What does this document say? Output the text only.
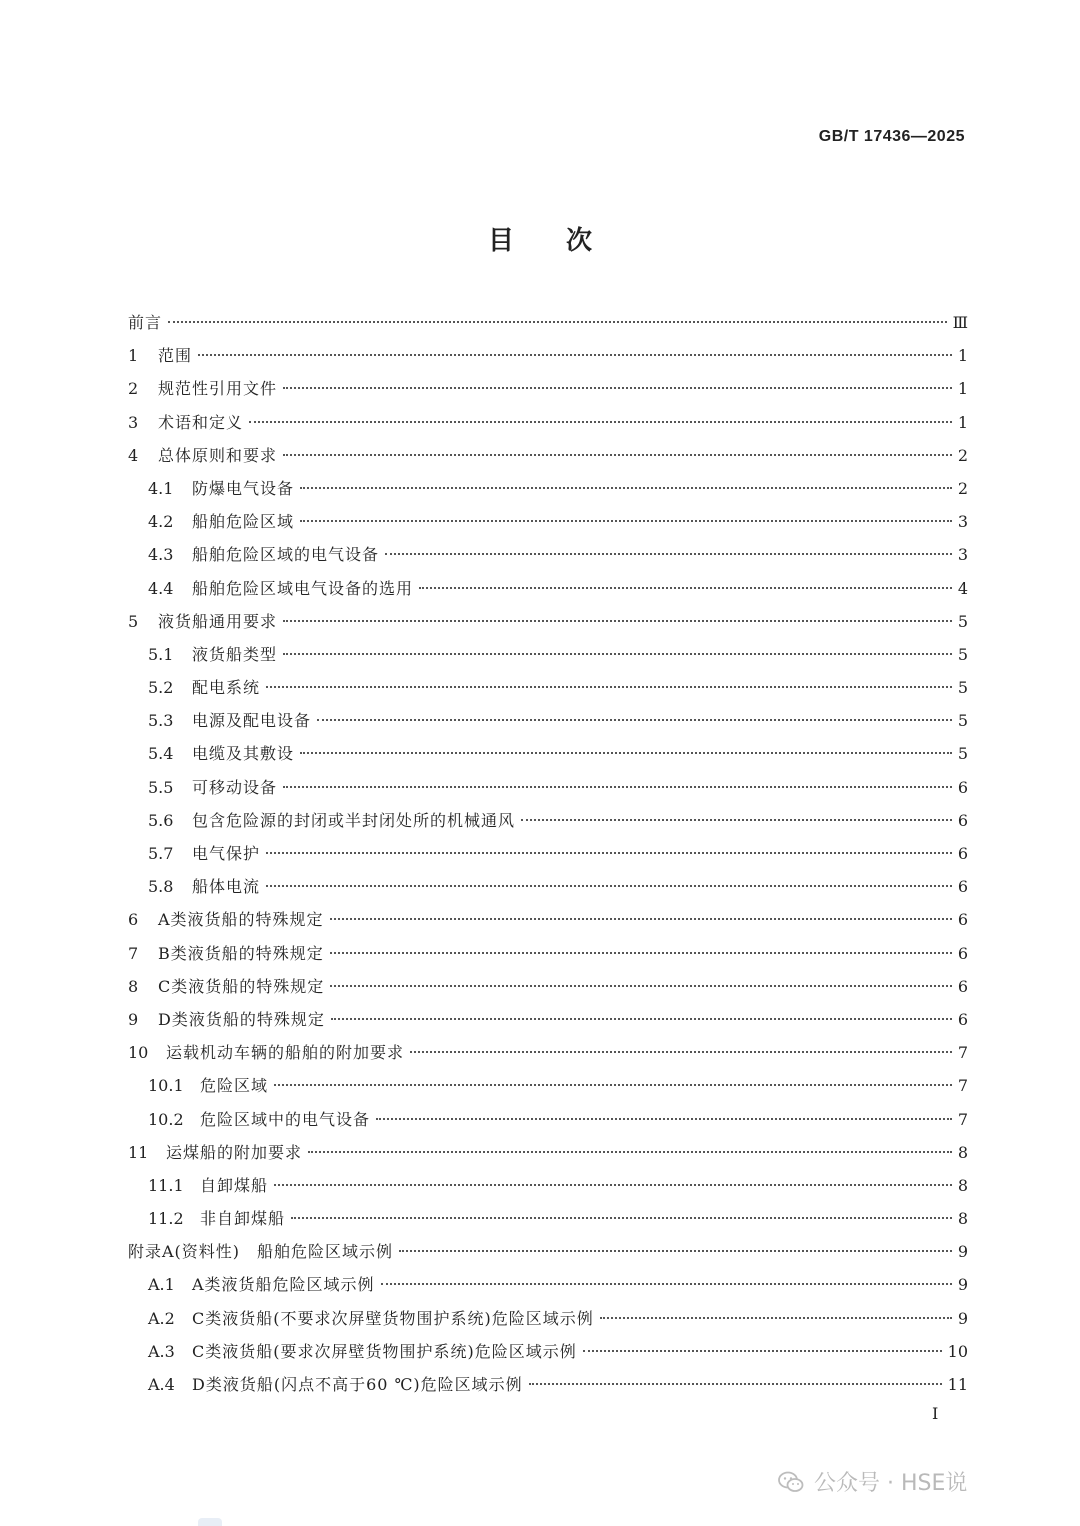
GB/T 17436—2025
目次
前言	Ⅲ
1	范围	1
2	规范性引用文件	1
3	术语和定义	1
4	总体原则和要求	2
4.1	防爆电气设备	2
4.2	船舶危险区域	3
4.3	船舶危险区域的电气设备	3
4.4	船舶危险区域电气设备的选用	4
5	液货船通用要求	5
5.1	液货船类型	5
5.2	配电系统	5
5.3	电源及配电设备	5
5.4	电缆及其敷设	5
5.5	可移动设备	6
5.6	包含危险源的封闭或半封闭处所的机械通风	6
5.7	电气保护	6
5.8	船体电流	6
6	A类液货船的特殊规定	6
7	B类液货船的特殊规定	6
8	C类液货船的特殊规定	6
9	D类液货船的特殊规定	6
10	运载机动车辆的船舶的附加要求	7
10.1	危险区域	7
10.2	危险区域中的电气设备	7
11	运煤船的附加要求	8
11.1	自卸煤船	8
11.2	非自卸煤船	8
附录A(资料性)　船舶危险区域示例	9
A.1	A类液货船危险区域示例	9
A.2	C类液货船(不要求次屏壁货物围护系统)危险区域示例	9
A.3	C类液货船(要求次屏壁货物围护系统)危险区域示例	10
A.4	D类液货船(闪点不高于60 ℃)危险区域示例	11
I
公众号 · HSE说
